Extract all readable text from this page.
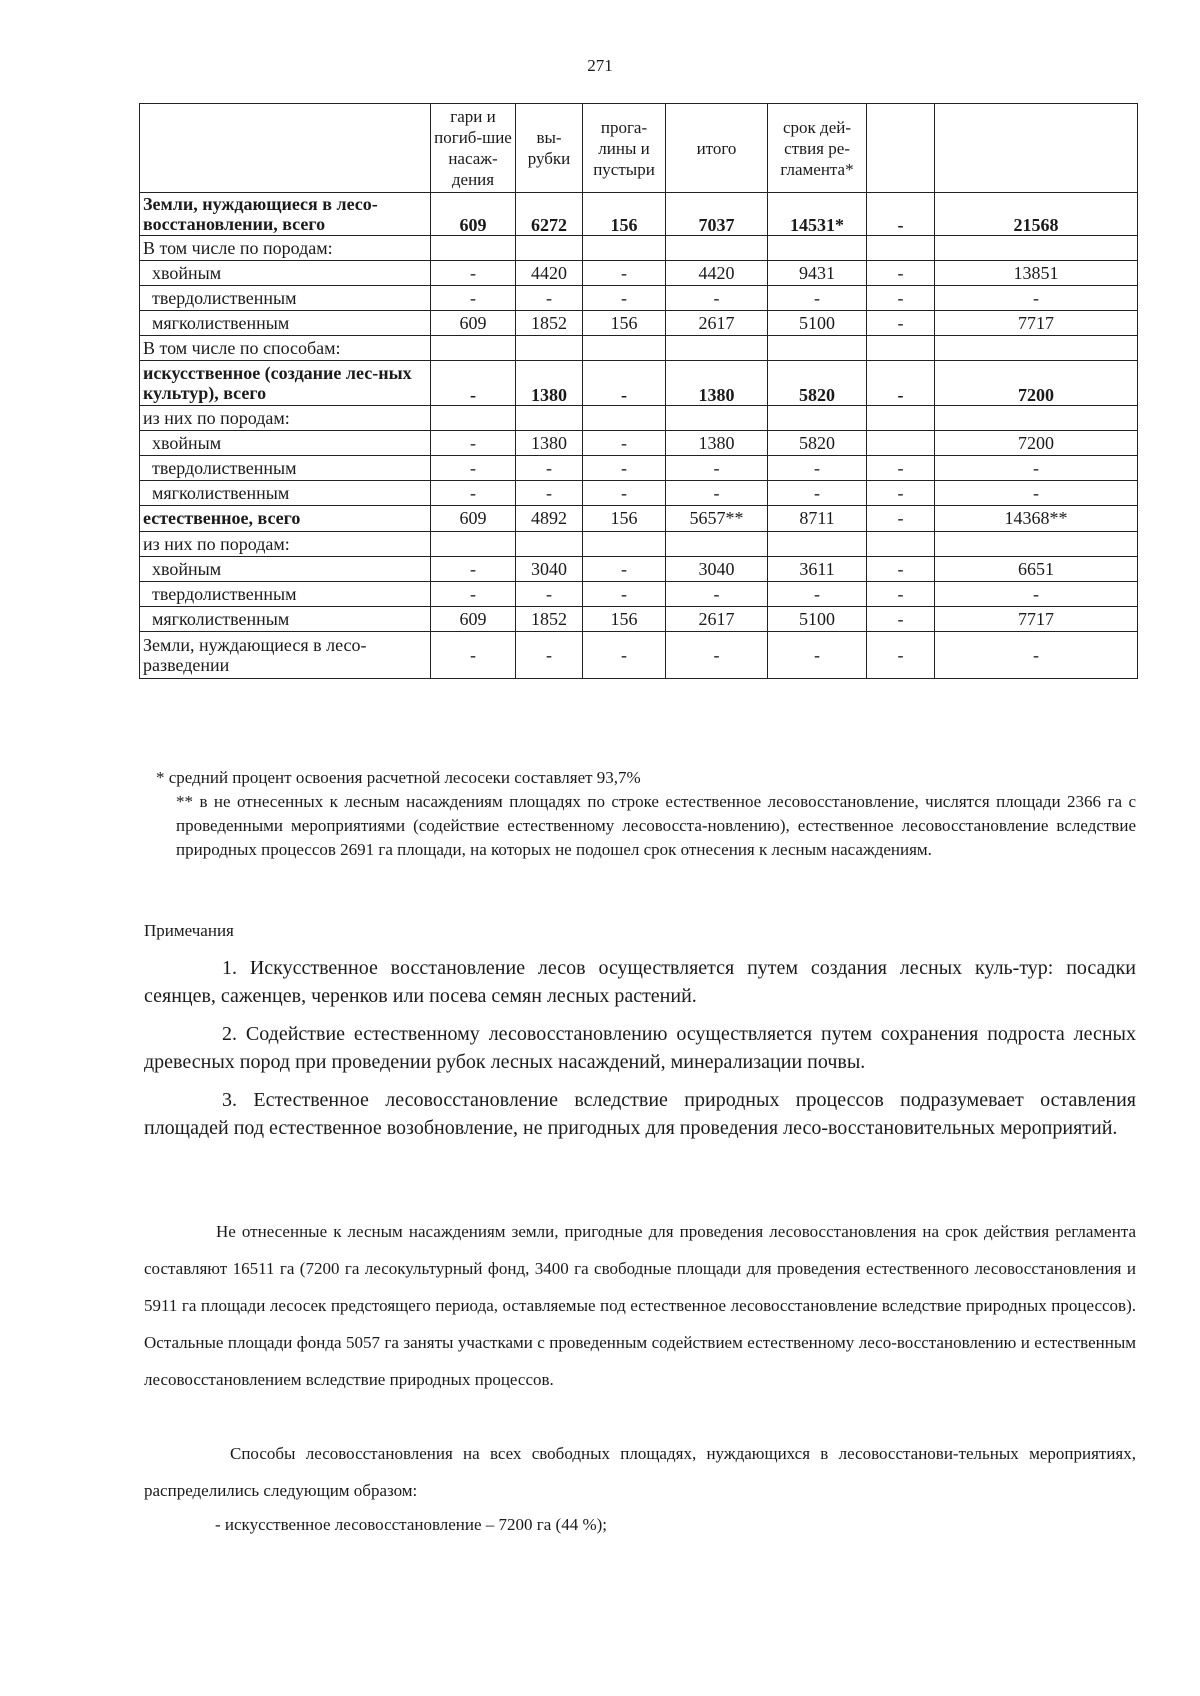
271
	гари и погиб-шие насаж-дения	вы-рубки	прога-лины и пустыри	итого	срок дей-ствия ре-гламента*		
Земли, нуждающиеся в лесо-восстановлении, всего	609	6272	156	7037	14531*	-	21568
В том числе по породам:							
хвойным	-	4420	-	4420	9431	-	13851
твердолиственным	-	-	-	-	-	-	-
мягколиственным	609	1852	156	2617	5100	-	7717
В том числе по способам:							
искусственное (создание лес-ных культур), всего	-	1380	-	1380	5820	-	7200
из них по породам:							
хвойным	-	1380	-	1380	5820		7200
твердолиственным	-	-	-	-	-	-	-
мягколиственным	-	-	-	-	-	-	-
естественное, всего	609	4892	156	5657**	8711	-	14368**
из них по породам:							
хвойным	-	3040	-	3040	3611	-	6651
твердолиственным	-	-	-	-	-	-	-
мягколиственным	609	1852	156	2617	5100	-	7717
Земли, нуждающиеся в лесо-разведении	-	-	-	-	-	-	-

* средний процент освоения расчетной лесосеки составляет 93,7%

** в не отнесенных к лесным насаждениям площадях по строке естественное лесовосстановление, числятся площади 2366 га с проведенными мероприятиями (содействие естественному лесовосста-новлению), естественное лесовосстановление вследствие природных процессов 2691 га площади, на которых не подошел срок отнесения к лесным насаждениям.

Примечания

1. Искусственное восстановление лесов осуществляется путем создания лесных куль-тур: посадки сеянцев, саженцев, черенков или посева семян лесных растений.

2. Содействие естественному лесовосстановлению осуществляется путем сохранения подроста лесных древесных пород при проведении рубок лесных насаждений, минерализации почвы.

3. Естественное лесовосстановление вследствие природных процессов подразумевает оставления площадей под естественное возобновление, не пригодных для проведения лесо-восстановительных мероприятий.

Не отнесенные к лесным насаждениям земли, пригодные для проведения лесовосстановления на срок действия регламента составляют 16511 га (7200 га лесокультурный фонд, 3400 га свободные площади для проведения естественного лесовосстановления и 5911 га площади лесосек предстоящего периода, оставляемые под естественное лесовосстановление вследствие природных процессов). Остальные площади фонда 5057 га заняты участками с проведенным содействием естественному лесо-восстановлению и естественным лесовосстановлением вследствие природных процессов.

Способы лесовосстановления на всех свободных площадях, нуждающихся в лесовосстанови-тельных мероприятиях, распределились следующим образом:

- искусственное лесовосстановление – 7200 га (44 %);
